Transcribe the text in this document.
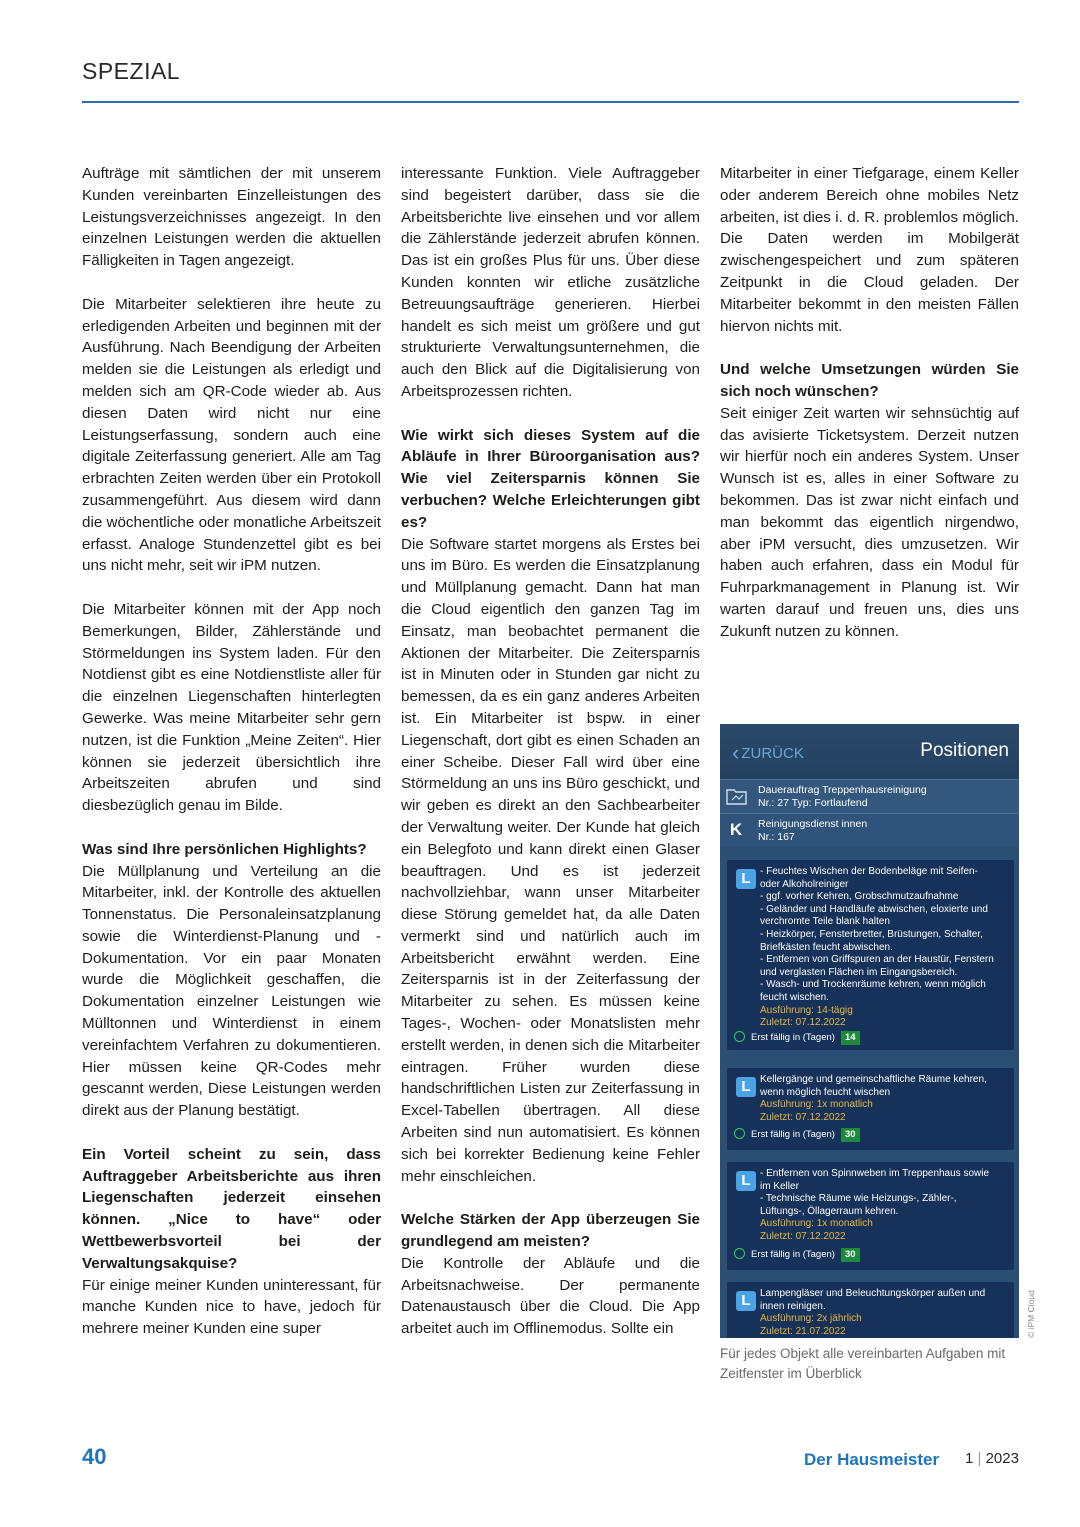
SPEZIAL

Aufträge mit sämtlichen der mit unserem Kunden vereinbarten Einzelleistungen des Leistungsverzeichnisses angezeigt. In den einzelnen Leistungen werden die aktuellen Fälligkeiten in Tagen angezeigt.

Die Mitarbeiter selektieren ihre heute zu erledigenden Arbeiten und beginnen mit der Ausführung. Nach Beendigung der Arbeiten melden sie die Leistungen als erledigt und melden sich am QR-Code wieder ab. Aus diesen Daten wird nicht nur eine Leistungserfassung, sondern auch eine digitale Zeiterfassung generiert. Alle am Tag erbrachten Zeiten werden über ein Protokoll zusammengeführt. Aus diesem wird dann die wöchentliche oder monatliche Arbeitszeit erfasst. Analoge Stundenzettel gibt es bei uns nicht mehr, seit wir iPM nutzen.

Die Mitarbeiter können mit der App noch Bemerkungen, Bilder, Zählerstände und Störmeldungen ins System laden. Für den Notdienst gibt es eine Notdienstliste aller für die einzelnen Liegenschaften hinterlegten Gewerke. Was meine Mitarbeiter sehr gern nutzen, ist die Funktion „Meine Zeiten“. Hier können sie jederzeit übersichtlich ihre Arbeitszeiten abrufen und sind diesbezüglich genau im Bilde.

Was sind Ihre persönlichen Highlights?

Die Müllplanung und Verteilung an die Mitarbeiter, inkl. der Kontrolle des aktuellen Tonnenstatus. Die Personaleinsatzplanung sowie die Winterdienst-Planung und -Dokumentation. Vor ein paar Monaten wurde die Möglichkeit geschaffen, die Dokumentation einzelner Leistungen wie Mülltonnen und Winterdienst in einem vereinfachtem Verfahren zu dokumentieren. Hier müssen keine QR-Codes mehr gescannt werden, Diese Leistungen werden direkt aus der Planung bestätigt.

Ein Vorteil scheint zu sein, dass Auftraggeber Arbeitsberichte aus ihren Liegenschaften jederzeit einsehen können. „Nice to have“ oder Wettbewerbsvorteil bei der Verwaltungsakquise?

Für einige meiner Kunden uninteressant, für manche Kunden nice to have, jedoch für mehrere meiner Kunden eine super

interessante Funktion. Viele Auftraggeber sind begeistert darüber, dass sie die Arbeitsberichte live einsehen und vor allem die Zählerstände jederzeit abrufen können. Das ist ein großes Plus für uns. Über diese Kunden konnten wir etliche zusätzliche Betreuungsaufträge generieren. Hierbei handelt es sich meist um größere und gut strukturierte Verwaltungsunternehmen, die auch den Blick auf die Digitalisierung von Arbeitsprozessen richten.

Wie wirkt sich dieses System auf die Abläufe in Ihrer Büroorganisation aus? Wie viel Zeitersparnis können Sie verbuchen? Welche Erleichterungen gibt es?

Die Software startet morgens als Erstes bei uns im Büro. Es werden die Einsatzplanung und Müllplanung gemacht. Dann hat man die Cloud eigentlich den ganzen Tag im Einsatz, man beobachtet permanent die Aktionen der Mitarbeiter. Die Zeitersparnis ist in Minuten oder in Stunden gar nicht zu bemessen, da es ein ganz anderes Arbeiten ist. Ein Mitarbeiter ist bspw. in einer Liegenschaft, dort gibt es einen Schaden an einer Scheibe. Dieser Fall wird über eine Störmeldung an uns ins Büro geschickt, und wir geben es direkt an den Sachbearbeiter der Verwaltung weiter. Der Kunde hat gleich ein Belegfoto und kann direkt einen Glaser beauftragen. Und es ist jederzeit nachvollziehbar, wann unser Mitarbeiter diese Störung gemeldet hat, da alle Daten vermerkt sind und natürlich auch im Arbeitsbericht erwähnt werden. Eine Zeitersparnis ist in der Zeiterfassung der Mitarbeiter zu sehen. Es müssen keine Tages-, Wochen- oder Monatslisten mehr erstellt werden, in denen sich die Mitarbeiter eintragen. Früher wurden diese handschriftlichen Listen zur Zeiterfassung in Excel-Tabellen übertragen. All diese Arbeiten sind nun automatisiert. Es können sich bei korrekter Bedienung keine Fehler mehr einschleichen.

Welche Stärken der App überzeugen Sie grundlegend am meisten?

Die Kontrolle der Abläufe und die Arbeitsnachweise. Der permanente Datenaustausch über die Cloud. Die App arbeitet auch im Offlinemodus. Sollte ein

Mitarbeiter in einer Tiefgarage, einem Keller oder anderem Bereich ohne mobiles Netz arbeiten, ist dies i. d. R. problemlos möglich. Die Daten werden im Mobilgerät zwischengespeichert und zum späteren Zeitpunkt in die Cloud geladen. Der Mitarbeiter bekommt in den meisten Fällen hiervon nichts mit.

Und welche Umsetzungen würden Sie sich noch wünschen?

Seit einiger Zeit warten wir sehnsüchtig auf das avisierte Ticketsystem. Derzeit nutzen wir hierfür noch ein anderes System. Unser Wunsch ist es, alles in einer Software zu bekommen. Das ist zwar nicht einfach und man bekommt das eigentlich nirgendwo, aber iPM versucht, dies umzusetzen. Wir haben auch erfahren, dass ein Modul für Fuhrparkmanagement in Planung ist. Wir warten darauf und freuen uns, dies uns Zukunft nutzen zu können.

‹ ZURÜCK	Positionen
Dauerauftrag Treppenhausreinigung
Nr.: 27 Typ: Fortlaufend
K	Reinigungsdienst innen
Nr.: 167
L - Feuchtes Wischen der Bodenbeläge mit Seifen-
oder Alkoholreiniger
- ggf. vorher Kehren, Grobschmutzaufnahme
- Geländer und Handläufe abwischen, eloxierte und
verchromte Teile blank halten
- Heizkörper, Fensterbretter, Brüstungen, Schalter,
Briefkästen feucht abwischen.
- Entfernen von Griffspuren an der Haustür, Fenstern
und verglasten Flächen im Eingangsbereich.
- Wasch- und Trockenräume kehren, wenn möglich
feucht wischen.
Ausführung: 14-tägig
Zuletzt: 07.12.2022
Erst fällig in (Tagen) 14
L Kellergänge und gemeinschaftliche Räume kehren,
wenn möglich feucht wischen
Ausführung: 1x monatlich
Zuletzt: 07.12.2022
Erst fällig in (Tagen) 30
L - Entfernen von Spinnweben im Treppenhaus sowie
im Keller
- Technische Räume wie Heizungs-, Zähler-,
Lüftungs-, Öllagerraum kehren.
Ausführung: 1x monatlich
Zuletzt: 07.12.2022
Erst fällig in (Tagen) 30
L Lampengläser und Beleuchtungskörper außen und
innen reinigen.
Ausführung: 2x jährlich
Zuletzt: 21.07.2022	© iPM Cloud
Für jedes Objekt alle vereinbarten Aufgaben mit Zeitfenster im Überblick
40	Der Hausmeister 1 | 2023
